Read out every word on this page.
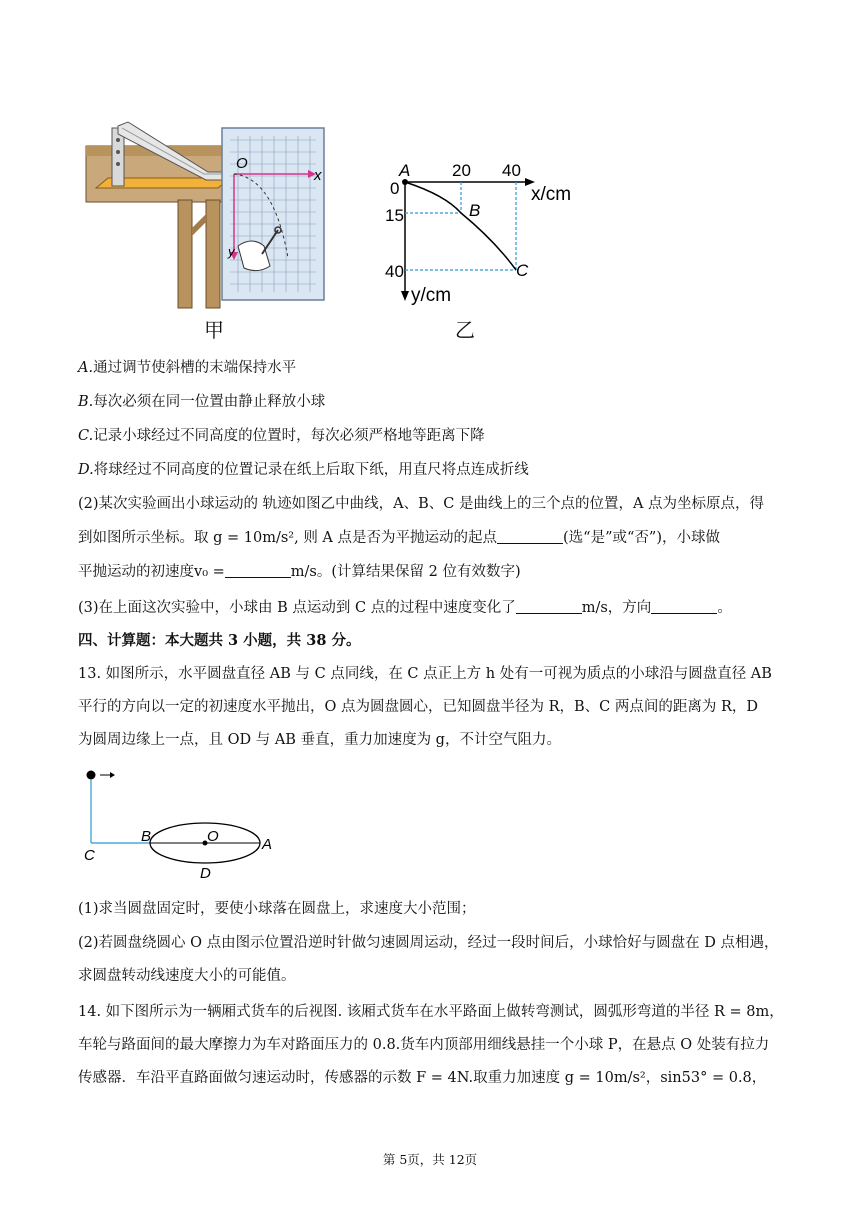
O
x
y
甲
A
B
C
20 40
0
15
40
x/cm
y/cm
乙
A.通过调节使斜槽的末端保持水平
B.每次必须在同一位置由静止释放小球
C.记录小球经过不同高度的位置时，每次必须严格地等距离下降
D.将球经过不同高度的位置记录在纸上后取下纸，用直尺将点连成折线
(2)某次实验画出小球运动的 轨迹如图乙中曲线，A、B、C 是曲线上的三个点的位置，A 点为坐标原点，得
到如图所示坐标。取 g = 10m/s², 则 A 点是否为平抛运动的起点	(选“是”或“否”)，小球做
平抛运动的初速度v₀ =	m/s。(计算结果保留 2 位有效数字)
(3)在上面这次实验中，小球由 B 点运动到 C 点的过程中速度变化了	m/s，方向	。
四、计算题：本大题共 3 小题，共 38 分。
13. 如图所示，水平圆盘直径 AB 与 C 点同线，在 C 点正上方 h 处有一可视为质点的小球沿与圆盘直径 AB
平行的方向以一定的初速度水平抛出，O 点为圆盘圆心，已知圆盘半径为 R，B、C 两点间的距离为 R，D
为圆周边缘上一点，且 OD 与 AB 垂直，重力加速度为 g，不计空气阻力。
C
B	O	A
D
(1)求当圆盘固定时，要使小球落在圆盘上，求速度大小范围；
(2)若圆盘绕圆心 O 点由图示位置沿逆时针做匀速圆周运动，经过一段时间后，小球恰好与圆盘在 D 点相遇，
求圆盘转动线速度大小的可能值。
14. 如下图所示为一辆厢式货车的后视图. 该厢式货车在水平路面上做转弯测试，圆弧形弯道的半径 R = 8m，
车轮与路面间的最大摩擦力为车对路面压力的 0.8.货车内顶部用细线悬挂一个小球 P，在悬点 O 处装有拉力
传感器．车沿平直路面做匀速运动时，传感器的示数 F = 4N.取重力加速度 g = 10m/s²，sin53° = 0.8，
第 5页，共 12页
